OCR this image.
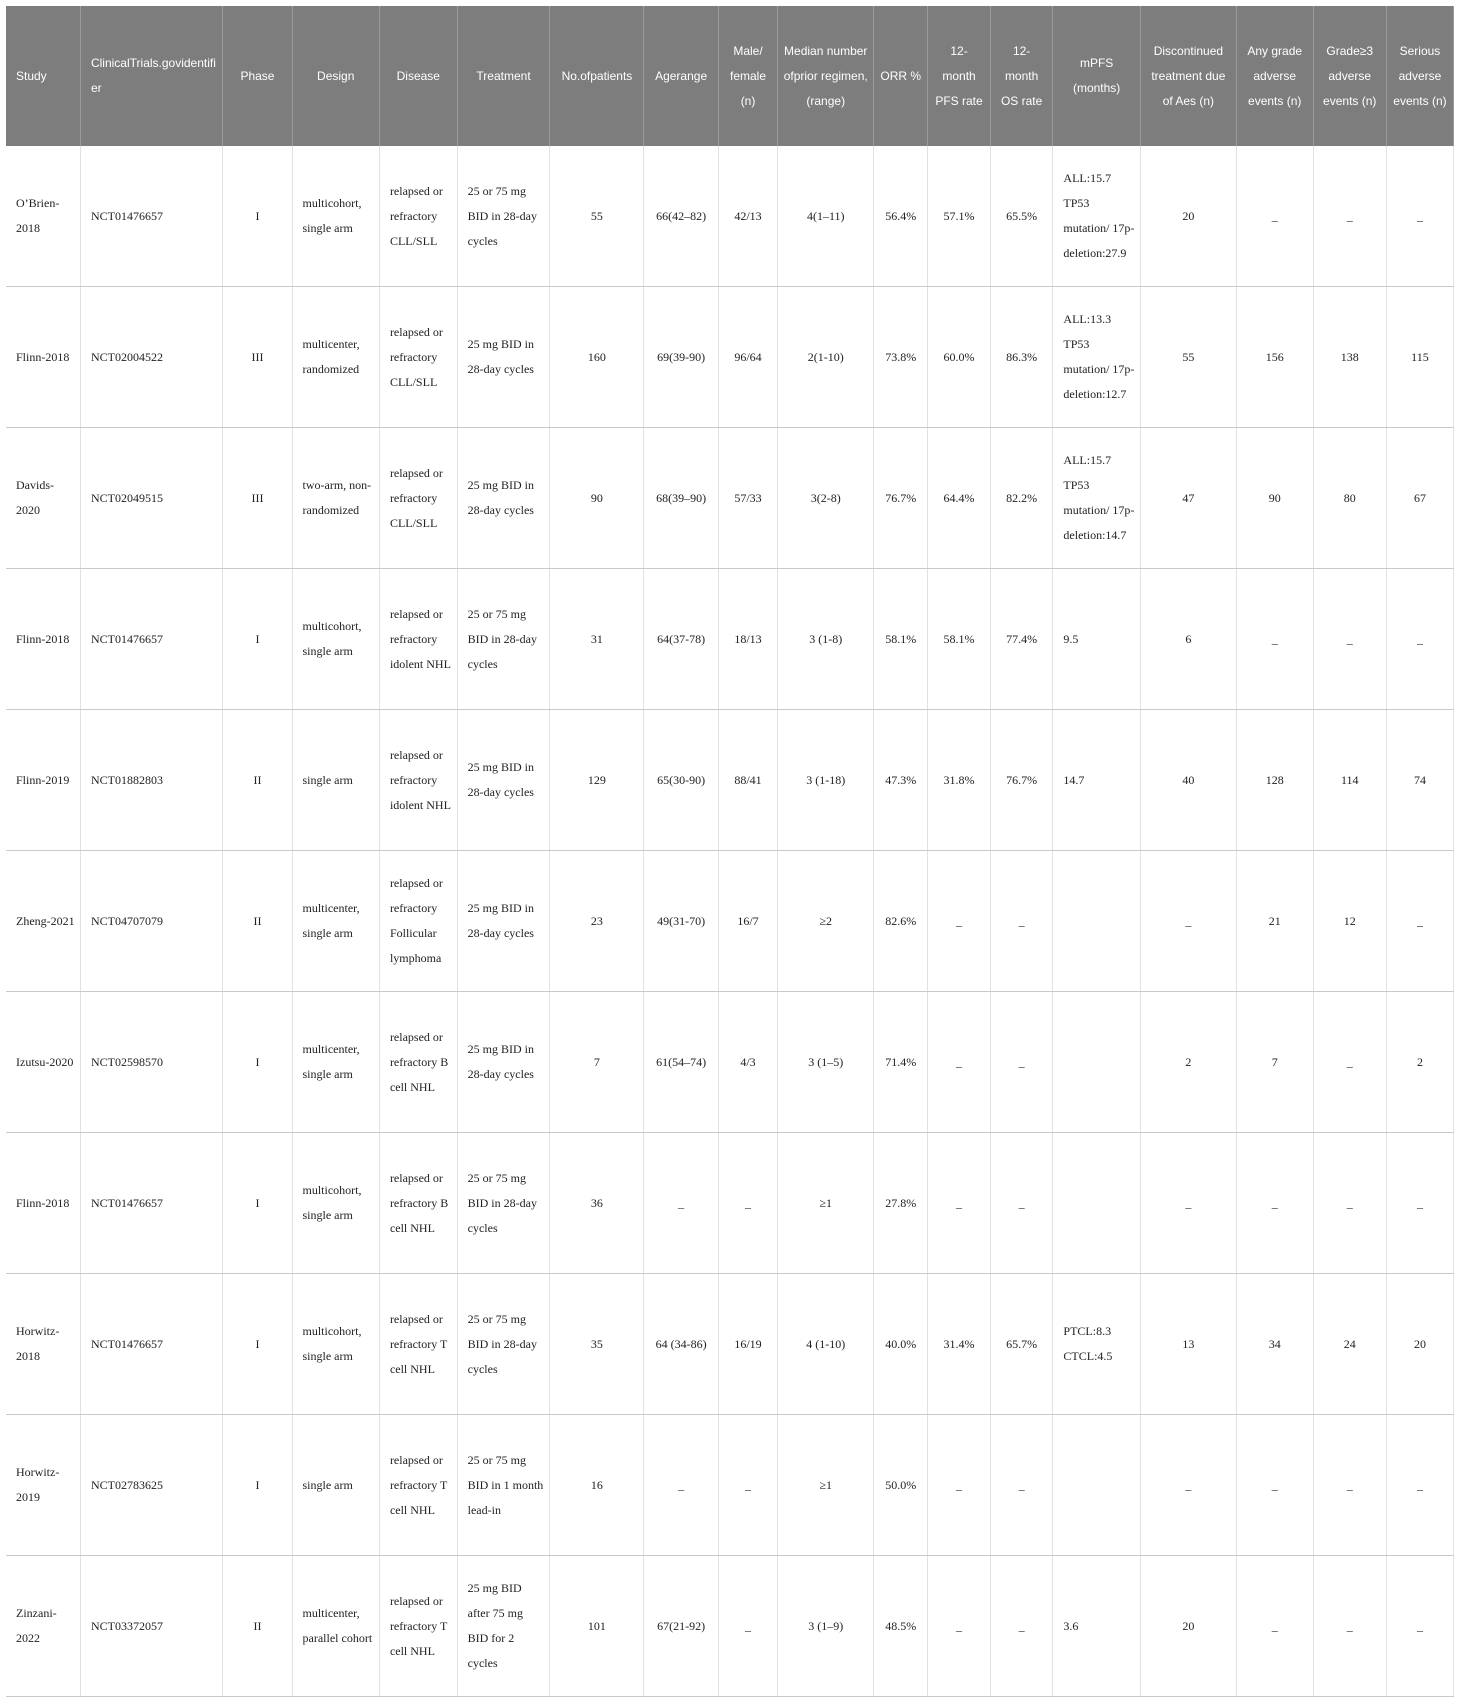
Study	ClinicalTrials.govidentifier	Phase	Design	Disease	Treatment	No.ofpatients	Agerange	Male/ female (n)	Median number ofprior regimen, (range)	ORR %	12- month PFS rate	12- month OS rate	mPFS (months)	Discontinued treatment due of Aes (n)	Any grade adverse events (n)	Grade≥3 adverse events (n)	Serious adverse events (n)
O’Brien-2018	NCT01476657	I	multicohort, single arm	relapsed or refractory CLL/SLL	25 or 75 mg BID in 28-day cycles	55	66(42–82)	42/13	4(1–11)	56.4%	57.1%	65.5%	ALL:15.7 TP53 mutation/ 17p-deletion:27.9	20	_	_	_
Flinn-2018	NCT02004522	III	multicenter, randomized	relapsed or refractory CLL/SLL	25 mg BID in 28-day cycles	160	69(39-90)	96/64	2(1-10)	73.8%	60.0%	86.3%	ALL:13.3 TP53 mutation/ 17p-deletion:12.7	55	156	138	115
Davids-2020	NCT02049515	III	two-arm, non-randomized	relapsed or refractory CLL/SLL	25 mg BID in 28-day cycles	90	68(39–90)	57/33	3(2-8)	76.7%	64.4%	82.2%	ALL:15.7 TP53 mutation/ 17p-deletion:14.7	47	90	80	67
Flinn-2018	NCT01476657	I	multicohort, single arm	relapsed or refractory idolent NHL	25 or 75 mg BID in 28-day cycles	31	64(37-78)	18/13	3 (1-8)	58.1%	58.1%	77.4%	9.5	6	_	_	_
Flinn-2019	NCT01882803	II	single arm	relapsed or refractory idolent NHL	25 mg BID in 28-day cycles	129	65(30-90)	88/41	3 (1-18)	47.3%	31.8%	76.7%	14.7	40	128	114	74
Zheng-2021	NCT04707079	II	multicenter, single arm	relapsed or refractory Follicular lymphoma	25 mg BID in 28-day cycles	23	49(31-70)	16/7	≥2	82.6%	_	_		_	21	12	_
Izutsu-2020	NCT02598570	I	multicenter, single arm	relapsed or refractory B cell NHL	25 mg BID in 28-day cycles	7	61(54–74)	4/3	3 (1–5)	71.4%	_	_		2	7	_	2
Flinn-2018	NCT01476657	I	multicohort, single arm	relapsed or refractory B cell NHL	25 or 75 mg BID in 28-day cycles	36	_	_	≥1	27.8%	_	_		_	_	_	_
Horwitz-2018	NCT01476657	I	multicohort, single arm	relapsed or refractory T cell NHL	25 or 75 mg BID in 28-day cycles	35	64 (34-86)	16/19	4 (1-10)	40.0%	31.4%	65.7%	PTCL:8.3 CTCL:4.5	13	34	24	20
Horwitz-2019	NCT02783625	I	single arm	relapsed or refractory T cell NHL	25 or 75 mg BID in 1 month lead-in	16	_	_	≥1	50.0%	_	_		_	_	_	_
Zinzani-2022	NCT03372057	II	multicenter, parallel cohort	relapsed or refractory T cell NHL	25 mg BID after 75 mg BID for 2 cycles	101	67(21-92)	_	3 (1–9)	48.5%	_	_	3.6	20	_	_	_
